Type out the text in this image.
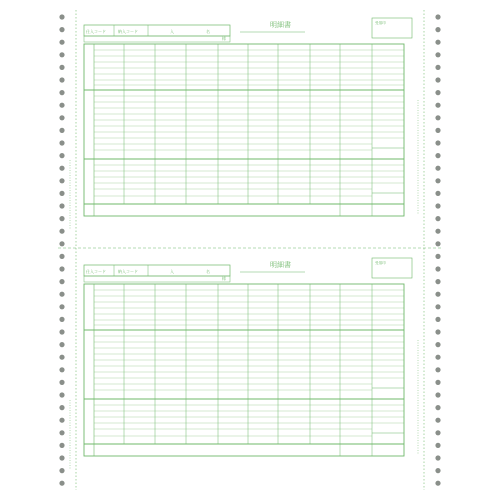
仕入コード	納入コード	入	名
様
明細書	受領印
仕入コード	納入コード	入	名
様
明細書	受領印
